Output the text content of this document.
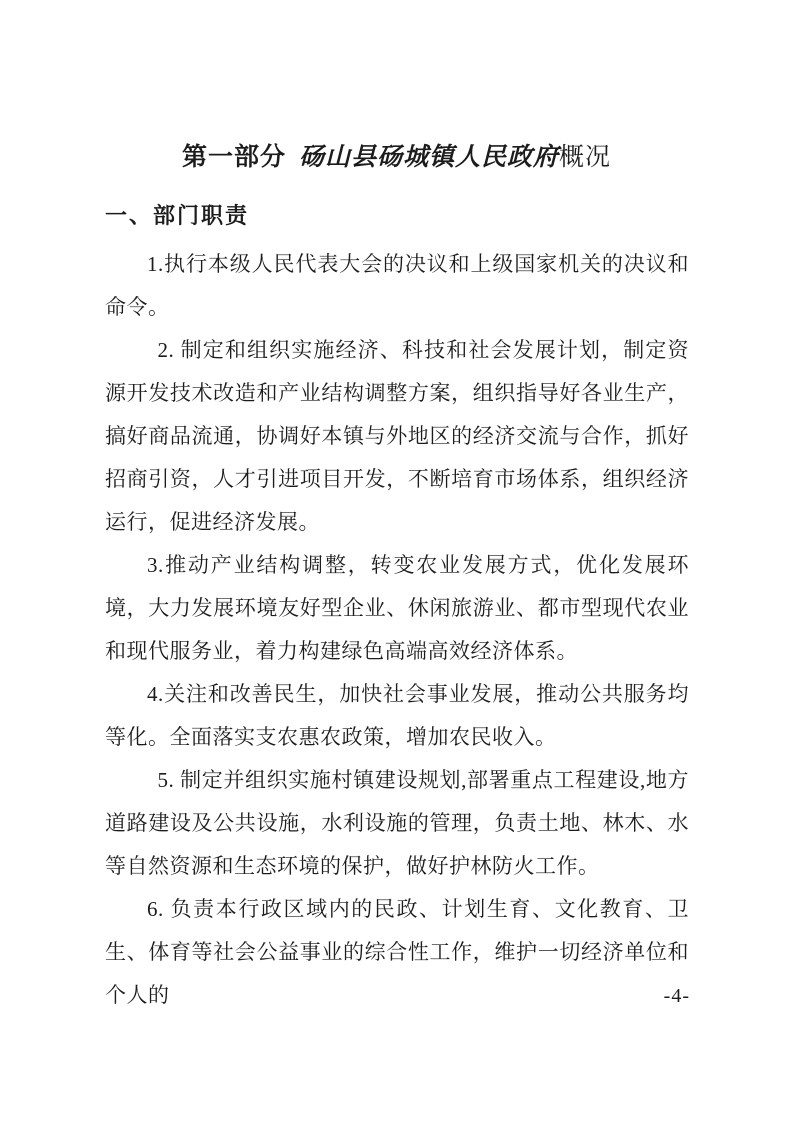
第一部分 砀山县砀城镇人民政府概况
一、部门职责

1.执行本级人民代表大会的决议和上级国家机关的决议和命令。

2. 制定和组织实施经济、科技和社会发展计划，制定资源开发技术改造和产业结构调整方案，组织指导好各业生产，搞好商品流通，协调好本镇与外地区的经济交流与合作，抓好招商引资，人才引进项目开发，不断培育市场体系，组织经济运行，促进经济发展。

3.推动产业结构调整，转变农业发展方式，优化发展环境，大力发展环境友好型企业、休闲旅游业、都市型现代农业和现代服务业，着力构建绿色高端高效经济体系。

4.关注和改善民生，加快社会事业发展，推动公共服务均等化。全面落实支农惠农政策，增加农民收入。

5. 制定并组织实施村镇建设规划,部署重点工程建设,地方道路建设及公共设施，水利设施的管理，负责土地、林木、水等自然资源和生态环境的保护，做好护林防火工作。

6. 负责本行政区域内的民政、计划生育、文化教育、卫生、体育等社会公益事业的综合性工作，维护一切经济单位和个人的	-4-
